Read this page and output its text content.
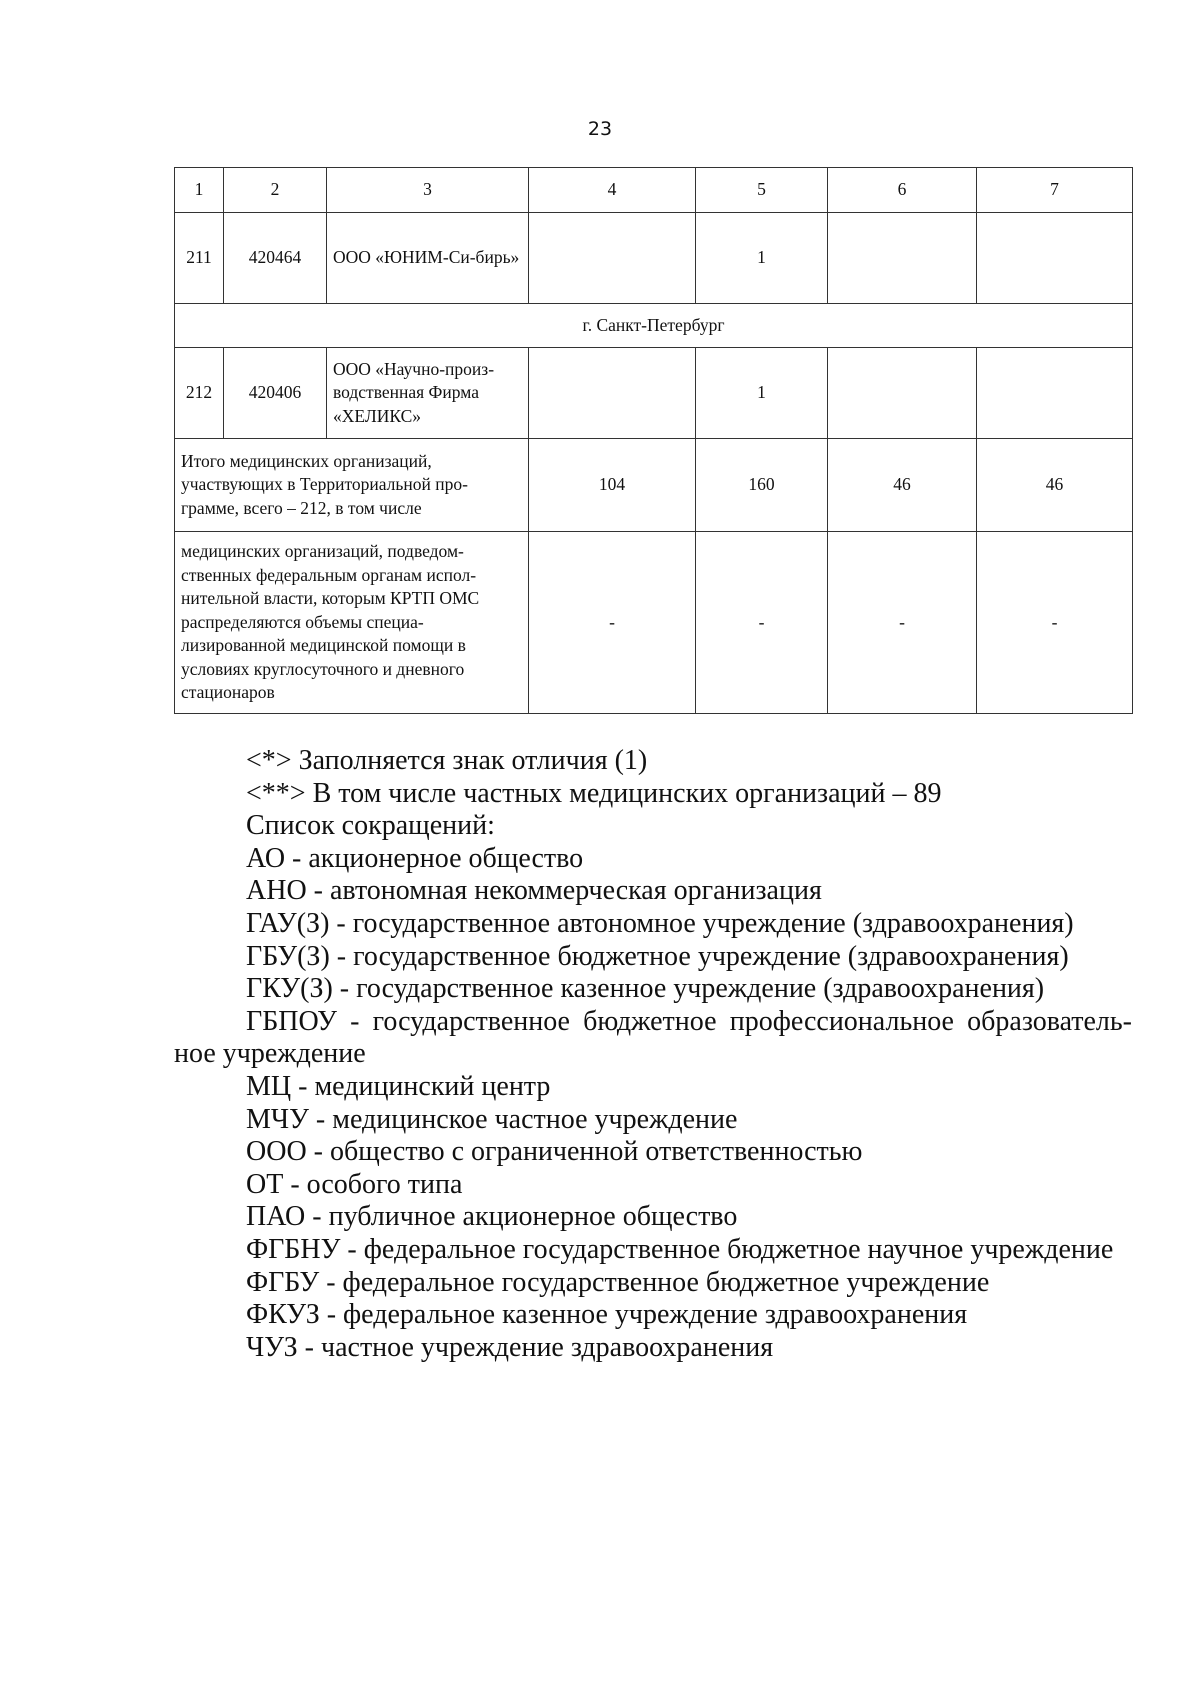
23
1	2	3	4	5	6	7
211	420464	ООО «ЮНИМ-Си-бирь»		1		
г. Санкт-Петербург						
212	420406	ООО «Научно-произ-водственная Фирма «ХЕЛИКС»		1		
Итого медицинских организаций, участвующих в Территориальной про-грамме, всего – 212, в том числе			104	160	46	46
медицинских организаций, подведом-ственных федеральным органам испол-нительной власти, которым КРТП ОМС распределяются объемы специа-лизированной медицинской помощи в условиях круглосуточного и дневного стационаров			-	-	-	-

<*> Заполняется знак отличия (1)

<**> В том числе частных медицинских организаций – 89

Список сокращений:

АО - акционерное общество

АНО - автономная некоммерческая организация

ГАУ(З) - государственное автономное учреждение (здравоохранения)

ГБУ(З) - государственное бюджетное учреждение (здравоохранения)

ГКУ(З) - государственное казенное учреждение (здравоохранения)

ГБПОУ - государственное бюджетное профессиональное образователь-

ное учреждение

МЦ - медицинский центр

МЧУ - медицинское частное учреждение

ООО - общество с ограниченной ответственностью

ОТ - особого типа

ПАО - публичное акционерное общество

ФГБНУ - федеральное государственное бюджетное научное учреждение

ФГБУ - федеральное государственное бюджетное учреждение

ФКУЗ - федеральное казенное учреждение здравоохранения

ЧУЗ - частное учреждение здравоохранения
